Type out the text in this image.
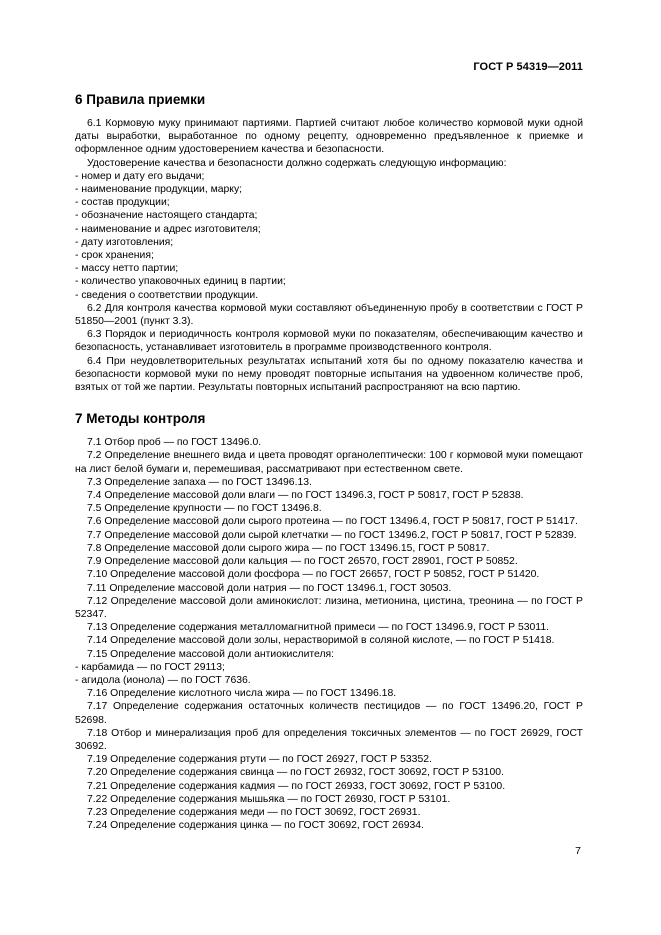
ГОСТ Р 54319—2011
6 Правила приемки

6.1 Кормовую муку принимают партиями. Партией считают любое количество кормовой муки одной даты выработки, выработанное по одному рецепту, одновременно предъявленное к приемке и оформленное одним удостоверением качества и безопасности.

Удостоверение качества и безопасности должно содержать следующую информацию:

- номер и дату его выдачи;

- наименование продукции, марку;

- состав продукции;

- обозначение настоящего стандарта;

- наименование и адрес изготовителя;

- дату изготовления;

- срок хранения;

- массу нетто партии;

- количество упаковочных единиц в партии;

- сведения о соответствии продукции.

6.2 Для контроля качества кормовой муки составляют объединенную пробу в соответствии с ГОСТ Р 51850—2001 (пункт 3.3).

6.3 Порядок и периодичность контроля кормовой муки по показателям, обеспечивающим качество и безопасность, устанавливает изготовитель в программе производственного контроля.

6.4 При неудовлетворительных результатах испытаний хотя бы по одному показателю качества и безопасности кормовой муки по нему проводят повторные испытания на удвоенном количестве проб, взятых от той же партии. Результаты повторных испытаний распространяют на всю партию.

7 Методы контроля

7.1 Отбор проб — по ГОСТ 13496.0.

7.2 Определение внешнего вида и цвета проводят органолептически: 100 г кормовой муки помещают на лист белой бумаги и, перемешивая, рассматривают при естественном свете.

7.3 Определение запаха — по ГОСТ 13496.13.

7.4 Определение массовой доли влаги — по ГОСТ 13496.3, ГОСТ Р 50817, ГОСТ Р 52838.

7.5 Определение крупности — по ГОСТ 13496.8.

7.6 Определение массовой доли сырого протеина — по ГОСТ 13496.4, ГОСТ Р 50817, ГОСТ Р 51417.

7.7 Определение массовой доли сырой клетчатки — по ГОСТ 13496.2, ГОСТ Р 50817, ГОСТ Р 52839.

7.8 Определение массовой доли сырого жира — по ГОСТ 13496.15, ГОСТ Р 50817.

7.9 Определение массовой доли кальция — по ГОСТ 26570, ГОСТ 28901, ГОСТ Р 50852.

7.10 Определение массовой доли фосфора — по ГОСТ 26657, ГОСТ Р 50852, ГОСТ Р 51420.

7.11 Определение массовой доли натрия — по ГОСТ 13496.1, ГОСТ 30503.

7.12 Определение массовой доли аминокислот: лизина, метионина, цистина, треонина — по ГОСТ Р 52347.

7.13 Определение содержания металломагнитной примеси — по ГОСТ 13496.9, ГОСТ Р 53011.

7.14 Определение массовой доли золы, нерастворимой в соляной кислоте, — по ГОСТ Р 51418.

7.15 Определение массовой доли антиокислителя:

- карбамида — по ГОСТ 29113;

- агидола (ионола) — по ГОСТ 7636.

7.16 Определение кислотного числа жира — по ГОСТ 13496.18.

7.17 Определение содержания остаточных количеств пестицидов — по ГОСТ 13496.20, ГОСТ Р 52698.

7.18 Отбор и минерализация проб для определения токсичных элементов — по ГОСТ 26929, ГОСТ 30692.

7.19 Определение содержания ртути — по ГОСТ 26927, ГОСТ Р 53352.

7.20 Определение содержания свинца — по ГОСТ 26932, ГОСТ 30692, ГОСТ Р 53100.

7.21 Определение содержания кадмия — по ГОСТ 26933, ГОСТ 30692, ГОСТ Р 53100.

7.22 Определение содержания мышьяка — по ГОСТ 26930, ГОСТ Р 53101.

7.23 Определение содержания меди — по ГОСТ 30692, ГОСТ 26931.

7.24 Определение содержания цинка — по ГОСТ 30692, ГОСТ 26934.

7
